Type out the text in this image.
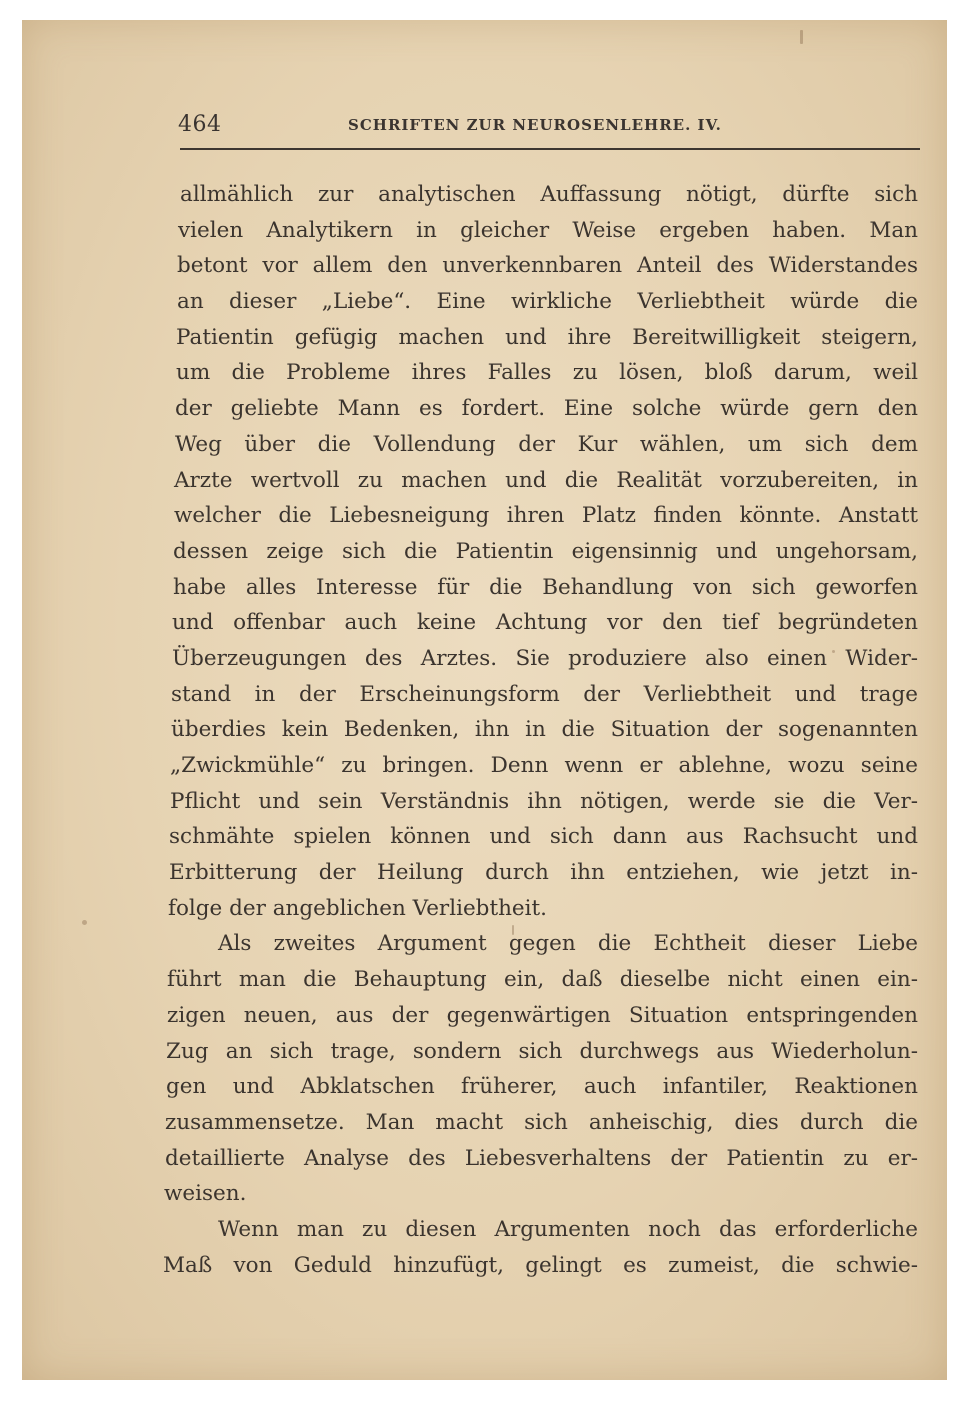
464	SCHRIFTEN ZUR NEUROSENLEHRE. IV.
allmählich zur analytischen Auffassung nötigt, dürfte sich
vielen Analytikern in gleicher Weise ergeben haben. Man
betont vor allem den unverkennbaren Anteil des Widerstandes
an dieser „Liebe“. Eine wirkliche Verliebtheit würde die
Patientin gefügig machen und ihre Bereitwilligkeit steigern,
um die Probleme ihres Falles zu lösen, bloß darum, weil
der geliebte Mann es fordert. Eine solche würde gern den
Weg über die Vollendung der Kur wählen, um sich dem
Arzte wertvoll zu machen und die Realität vorzubereiten, in
welcher die Liebesneigung ihren Platz finden könnte. Anstatt
dessen zeige sich die Patientin eigensinnig und ungehorsam,
habe alles Interesse für die Behandlung von sich geworfen
und offenbar auch keine Achtung vor den tief begründeten
Überzeugungen des Arztes. Sie produziere also einen Wider-
stand in der Erscheinungsform der Verliebtheit und trage
überdies kein Bedenken, ihn in die Situation der sogenannten
„Zwickmühle“ zu bringen. Denn wenn er ablehne, wozu seine
Pflicht und sein Verständnis ihn nötigen, werde sie die Ver-
schmähte spielen können und sich dann aus Rachsucht und
Erbitterung der Heilung durch ihn entziehen, wie jetzt in-
folge der angeblichen Verliebtheit.
Als zweites Argument gegen die Echtheit dieser Liebe
führt man die Behauptung ein, daß dieselbe nicht einen ein-
zigen neuen, aus der gegenwärtigen Situation entspringenden
Zug an sich trage, sondern sich durchwegs aus Wiederholun-
gen und Abklatschen früherer, auch infantiler, Reaktionen
zusammensetze. Man macht sich anheischig, dies durch die
detaillierte Analyse des Liebesverhaltens der Patientin zu er-
weisen.
Wenn man zu diesen Argumenten noch das erforderliche
Maß von Geduld hinzufügt, gelingt es zumeist, die schwie-
